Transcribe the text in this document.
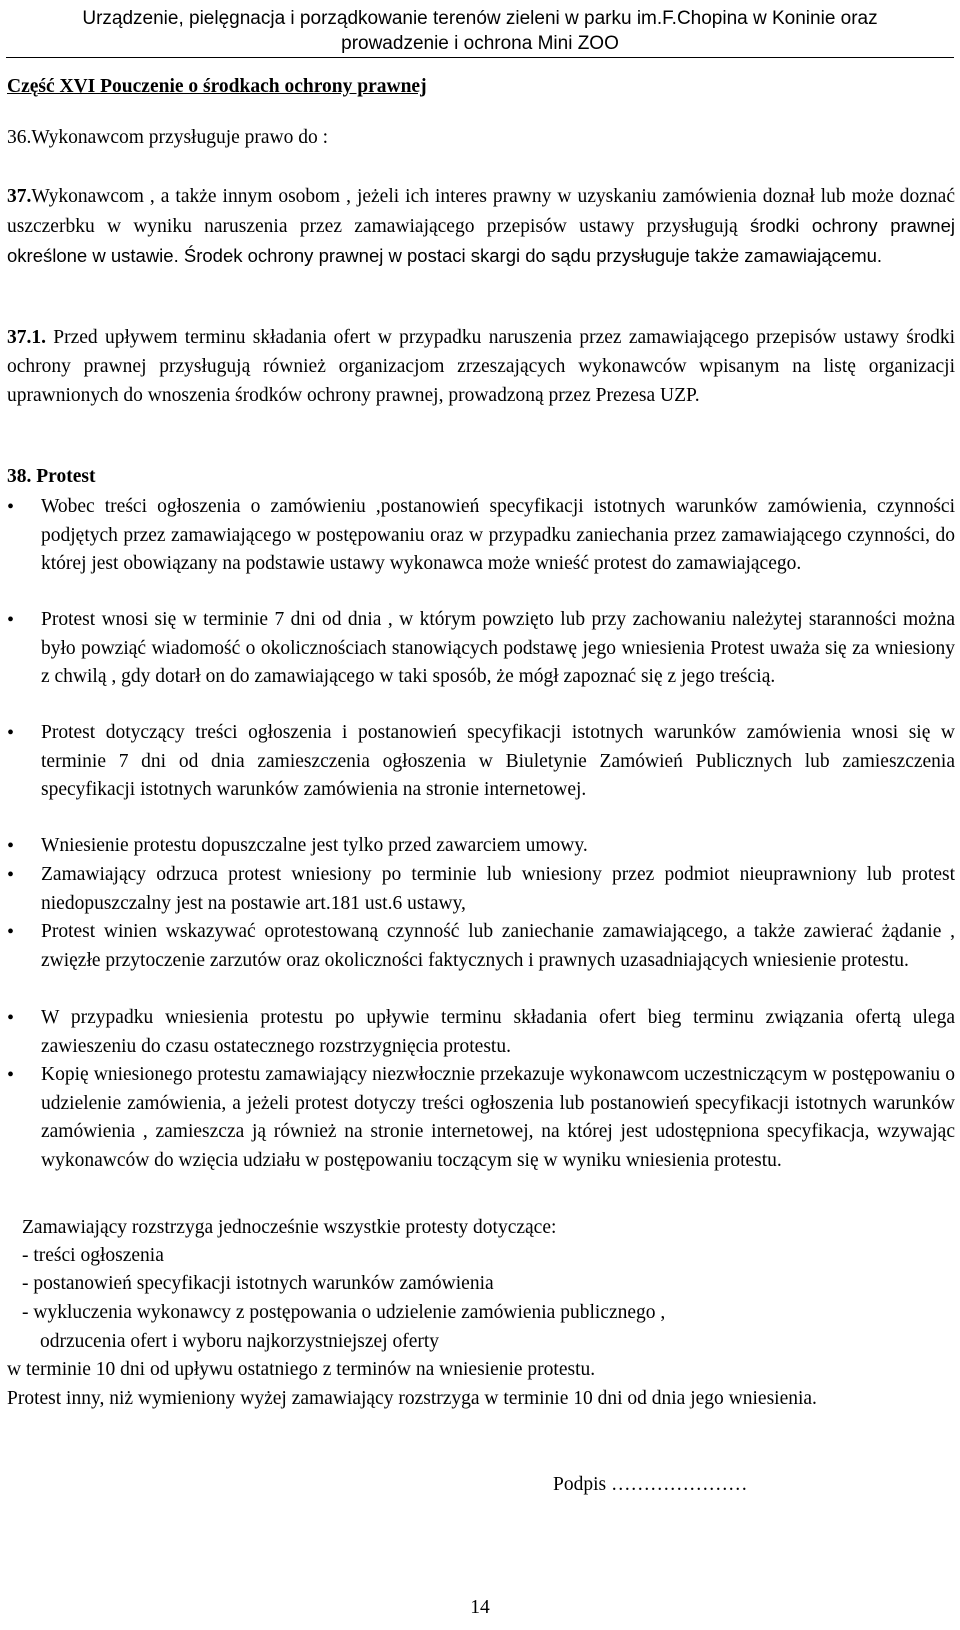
Urządzenie, pielęgnacja i porządkowanie terenów zieleni w parku im.F.Chopina w Koninie oraz
prowadzenie i ochrona Mini ZOO
Część XVI Pouczenie o środkach ochrony prawnej
36.Wykonawcom przysługuje prawo do :
37.Wykonawcom , a także innym osobom , jeżeli ich interes prawny w uzyskaniu zamówienia doznał lub może doznać uszczerbku w wyniku naruszenia przez zamawiającego przepisów ustawy przysługują środki ochrony prawnej określone w ustawie. Środek ochrony prawnej w postaci skargi do sądu przysługuje także zamawiającemu.
37.1. Przed upływem terminu składania ofert w przypadku naruszenia przez zamawiającego przepisów ustawy środki ochrony prawnej przysługują również organizacjom zrzeszających wykonawców wpisanym na listę organizacji uprawnionych do wnoszenia środków ochrony prawnej, prowadzoną przez Prezesa UZP.
38. Protest
• Wobec treści ogłoszenia o zamówieniu ,postanowień specyfikacji istotnych warunków zamówienia, czynności podjętych przez zamawiającego w postępowaniu oraz w przypadku zaniechania przez zamawiającego czynności, do której jest obowiązany na podstawie ustawy wykonawca może wnieść protest do zamawiającego.
• Protest wnosi się w terminie 7 dni od dnia , w którym powzięto lub przy zachowaniu należytej staranności można było powziąć wiadomość o okolicznościach stanowiących podstawę jego wniesienia Protest uważa się za wniesiony z chwilą , gdy dotarł on do zamawiającego w taki sposób, że mógł zapoznać się z jego treścią.
• Protest dotyczący treści ogłoszenia i postanowień specyfikacji istotnych warunków zamówienia wnosi się w terminie 7 dni od dnia zamieszczenia ogłoszenia w Biuletynie Zamówień Publicznych lub zamieszczenia specyfikacji istotnych warunków zamówienia na stronie internetowej.
• Wniesienie protestu dopuszczalne jest tylko przed zawarciem umowy.
• Zamawiający odrzuca protest wniesiony po terminie lub wniesiony przez podmiot nieuprawniony lub protest niedopuszczalny jest na postawie art.181 ust.6 ustawy,
• Protest winien wskazywać oprotestowaną czynność lub zaniechanie zamawiającego, a także zawierać żądanie , zwięzłe przytoczenie zarzutów oraz okoliczności faktycznych i prawnych uzasadniających wniesienie protestu.
• W przypadku wniesienia protestu po upływie terminu składania ofert bieg terminu związania ofertą ulega zawieszeniu do czasu ostatecznego rozstrzygnięcia protestu.
• Kopię wniesionego protestu zamawiający niezwłocznie przekazuje wykonawcom uczestniczącym w postępowaniu o udzielenie zamówienia, a jeżeli protest dotyczy treści ogłoszenia lub postanowień specyfikacji istotnych warunków zamówienia , zamieszcza ją również na stronie internetowej, na której jest udostępniona specyfikacja, wzywając wykonawców do wzięcia udziału w postępowaniu toczącym się w wyniku wniesienia protestu.
Zamawiający rozstrzyga jednocześnie wszystkie protesty dotyczące:
- treści ogłoszenia
- postanowień specyfikacji istotnych warunków zamówienia
- wykluczenia wykonawcy z postępowania o udzielenie zamówienia publicznego ,
odrzucenia ofert i wyboru najkorzystniejszej oferty
w terminie 10 dni od upływu ostatniego z terminów na wniesienie protestu.
Protest inny, niż wymieniony wyżej zamawiający rozstrzyga w terminie 10 dni od dnia jego wniesienia.
Podpis …………………
14
